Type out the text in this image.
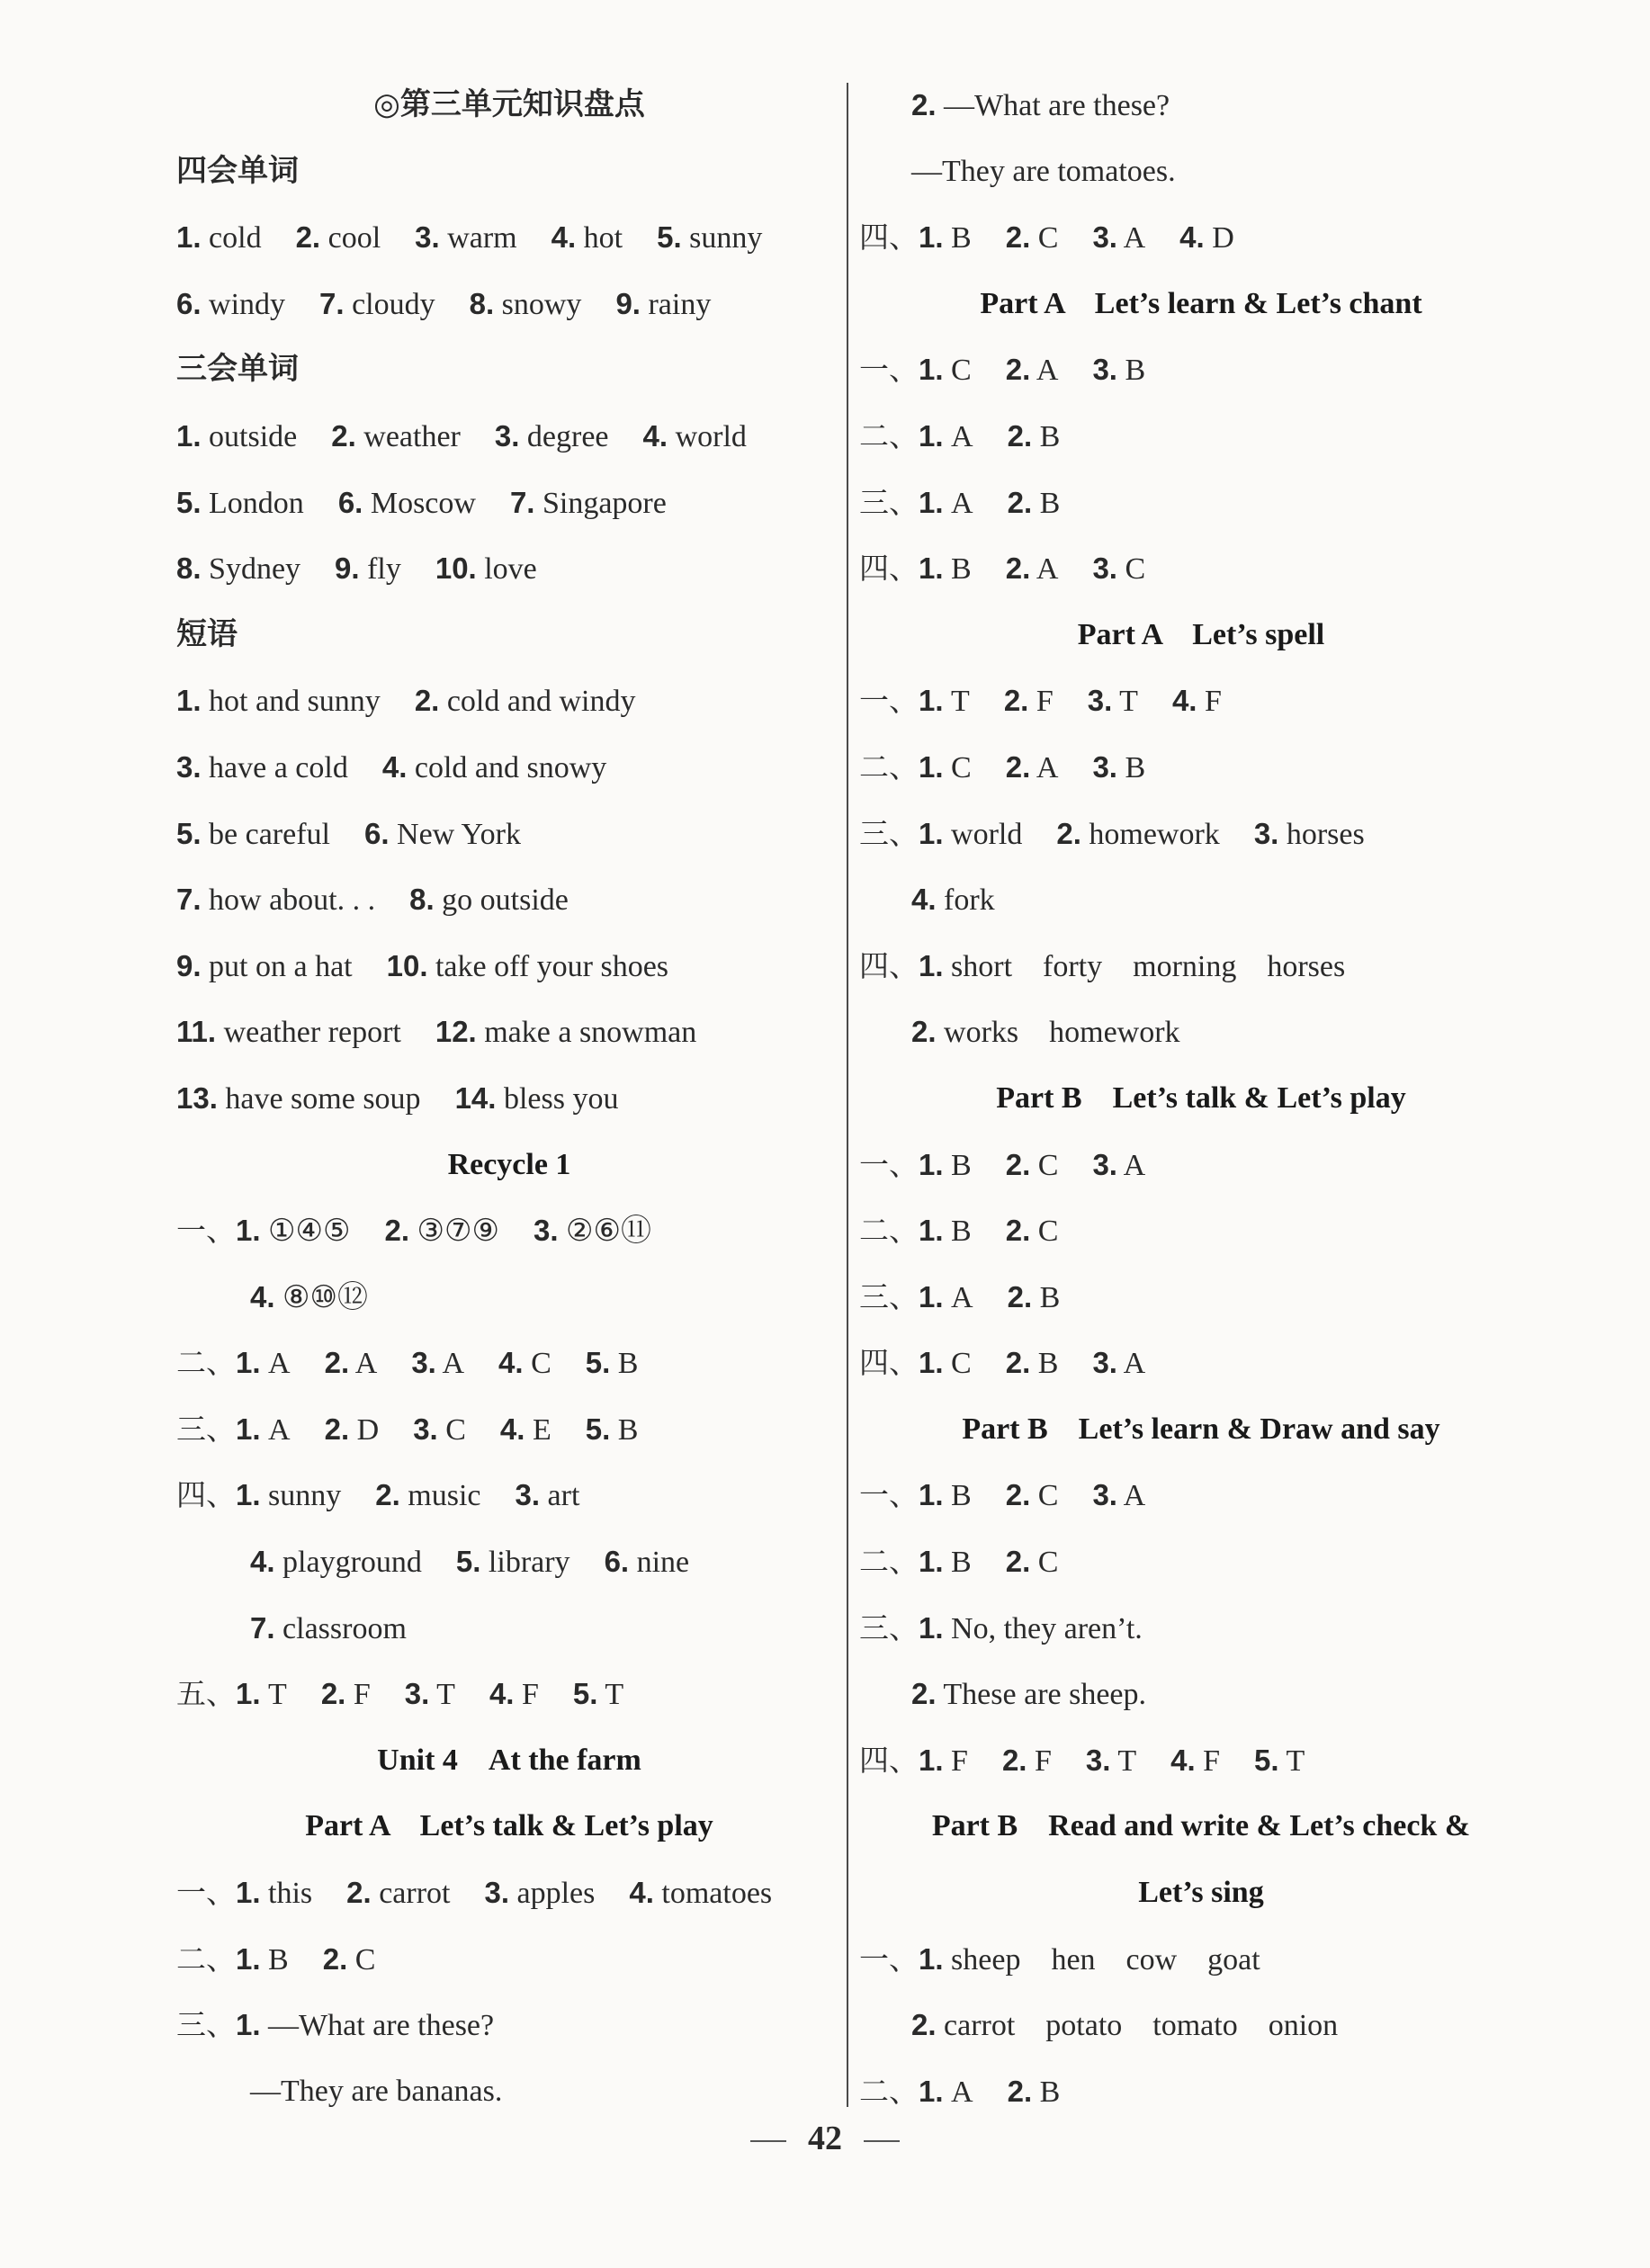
◎第三单元知识盘点
四会单词
1. cold 2. cool 3. warm 4. hot 5. sunny
6. windy 7. cloudy 8. snowy 9. rainy
三会单词
1. outside 2. weather 3. degree 4. world
5. London 6. Moscow 7. Singapore
8. Sydney 9. fly 10. love
短语
1. hot and sunny 2. cold and windy
3. have a cold 4. cold and snowy
5. be careful 6. New York
7. how about. . . 8. go outside
9. put on a hat 10. take off your shoes
11. weather report 12. make a snowman
13. have some soup 14. bless you
Recycle 1
一、1. ①④⑤ 2. ③⑦⑨ 3. ②⑥⑪
4. ⑧⑩⑫
二、1. A 2. A 3. A 4. C 5. B
三、1. A 2. D 3. C 4. E 5. B
四、1. sunny 2. music 3. art
4. playground 5. library 6. nine
7. classroom
五、1. T 2. F 3. T 4. F 5. T
Unit 4　At the farm
Part A　Let’s talk & Let’s play
一、1. this 2. carrot 3. apples 4. tomatoes
二、1. B 2. C
三、1. —What are these?
—They are bananas.
2. —What are these?
—They are tomatoes.
四、1. B 2. C 3. A 4. D
Part A　Let’s learn & Let’s chant
一、1. C 2. A 3. B
二、1. A 2. B
三、1. A 2. B
四、1. B 2. A 3. C
Part A　Let’s spell
一、1. T 2. F 3. T 4. F
二、1. C 2. A 3. B
三、1. world 2. homework 3. horses
4. fork
四、1. short　forty　morning　horses
2. works　homework
Part B　Let’s talk & Let’s play
一、1. B 2. C 3. A
二、1. B 2. C
三、1. A 2. B
四、1. C 2. B 3. A
Part B　Let’s learn & Draw and say
一、1. B 2. C 3. A
二、1. B 2. C
三、1. No, they aren’t.
2. These are sheep.
四、1. F 2. F 3. T 4. F 5. T
Part B　Read and write & Let’s check &
Let’s sing
一、1. sheep　hen　cow　goat
2. carrot　potato　tomato　onion
二、1. A 2. B
42
